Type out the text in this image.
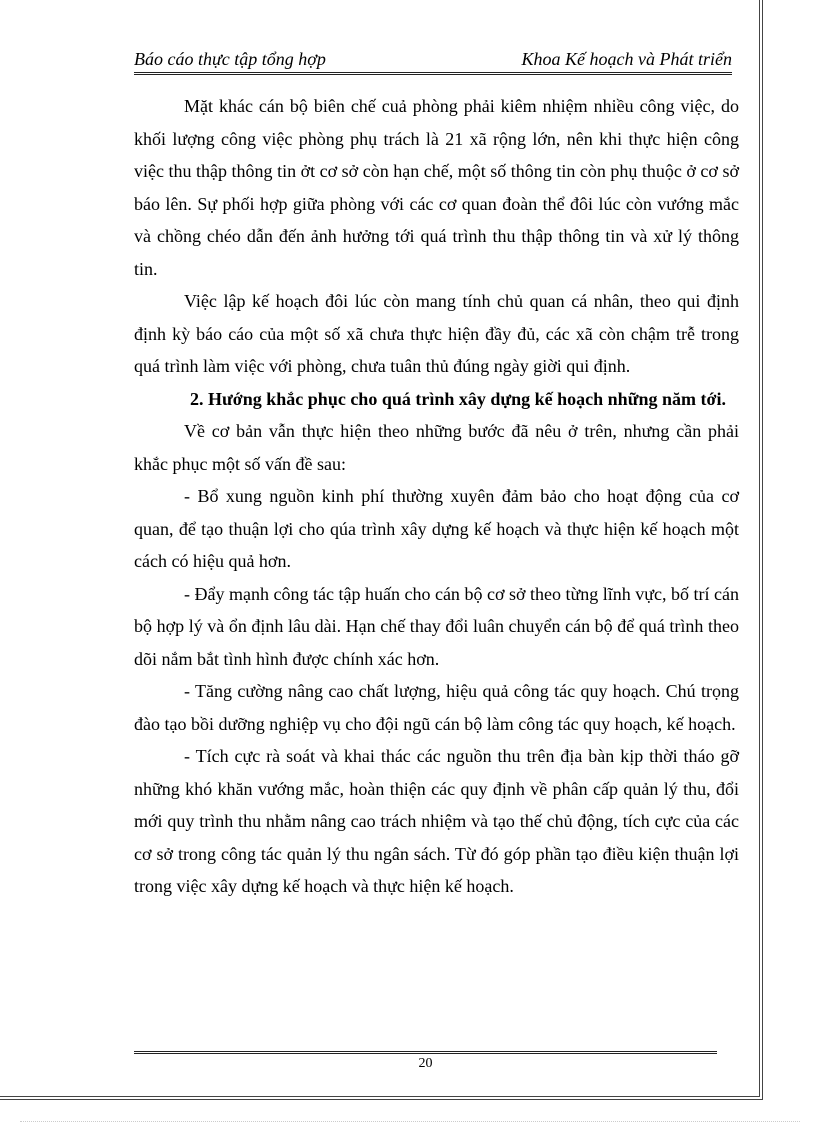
Báo cáo thực tập tổng hợp	Khoa Kế hoạch và Phát triển

Mặt khác cán bộ biên chế cuả phòng phải kiêm nhiệm nhiều công việc, do khối lượng công việc phòng phụ trách là 21 xã rộng lớn, nên khi thực hiện công việc thu thập thông tin ởt cơ sở còn hạn chế, một số thông tin còn phụ thuộc ở cơ sở báo lên. Sự phối hợp giữa phòng với các cơ quan đoàn thể đôi lúc còn vướng mắc và chồng chéo dẫn đến ảnh hưởng tới quá trình thu thập thông tin và xử lý thông tin.

Việc lập kế hoạch đôi lúc còn mang tính chủ quan cá nhân, theo qui định định kỳ báo cáo của một số xã chưa thực hiện đầy đủ, các xã còn chậm trễ trong quá trình làm việc với phòng, chưa tuân thủ đúng ngày giời qui định.

2. Hướng khắc phục cho quá trình xây dựng kế hoạch những năm tới.

Về cơ bản vẫn thực hiện theo những bước đã nêu ở trên, nhưng cần phải khắc phục một số vấn đề sau:

- Bổ xung nguồn kinh phí thường xuyên đảm bảo cho hoạt động của cơ quan, để tạo thuận lợi cho qúa trình xây dựng kế hoạch và thực hiện kế hoạch một cách có hiệu quả hơn.

- Đẩy mạnh công tác tập huấn cho cán bộ cơ sở theo từng lĩnh vực, bố trí cán bộ hợp lý và ổn định lâu dài. Hạn chế thay đổi luân chuyển cán bộ để quá trình theo dõi nắm bắt tình hình được chính xác hơn.

- Tăng cường nâng cao chất lượng, hiệu quả công tác quy hoạch. Chú trọng đào tạo bồi dưỡng nghiệp vụ cho đội ngũ cán bộ làm công tác quy hoạch, kế hoạch.

- Tích cực rà soát và khai thác các nguồn thu trên địa bàn kịp thời tháo gỡ những khó khăn vướng mắc, hoàn thiện các quy định về phân cấp quản lý thu, đổi mới quy trình thu nhằm nâng cao trách nhiệm và tạo thế chủ động, tích cực của các cơ sở trong công tác quản lý thu ngân sách. Từ đó góp phần tạo điều kiện thuận lợi trong việc xây dựng kế hoạch và thực hiện kế hoạch.

20
